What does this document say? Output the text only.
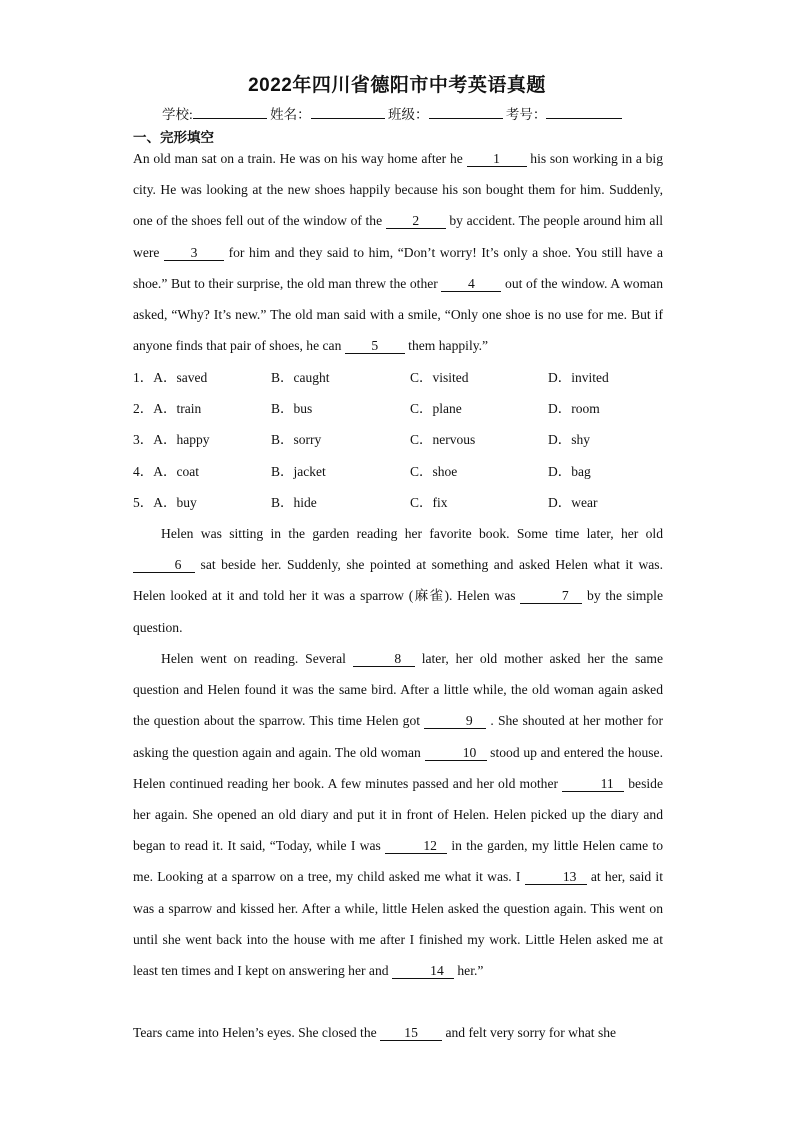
2022年四川省德阳市中考英语真题
学校:	姓名：	班级：	考号：
一、完形填空
An old man sat on a train. He was on his way home after he 1 his son working in a big city. He was looking at the new shoes happily because his son bought them for him. Suddenly, one of the shoes fell out of the window of the 2 by accident. The people around him all were 3 for him and they said to him, “Don’t worry! It’s only a shoe. You still have a shoe.” But to their surprise, the old man threw the other 4 out of the window. A woman asked, “Why? It’s new.” The old man said with a smile, “Only one shoe is no use for me. But if anyone finds that pair of shoes, he can 5 them happily.”
1．A．saved	B．caught	C．visited	D．invited
2．A．train	B．bus	C．plane	D．room
3．A．happy	B．sorry	C．nervous	D．shy
4．A．coat	B．jacket	C．shoe	D．bag
5．A．buy	B．hide	C．fix	D．wear
Helen was sitting in the garden reading her favorite book. Some time later, her old 6 sat beside her. Suddenly, she pointed at something and asked Helen what it was. Helen looked at it and told her it was a sparrow (麻雀). Helen was	7 by the simple question.
Helen went on reading. Several	8 later, her old mother asked her the same question and Helen found it was the same bird. After a little while, the old woman again asked the question about the sparrow. This time Helen got	9 . She shouted at her mother for asking the question again and again. The old woman	10 stood up and entered the house. Helen continued reading her book. A few minutes passed and her old mother	11 beside her again. She opened an old diary and put it in front of Helen. Helen picked up the diary and began to read it. It said, “Today, while I was	12 in the garden, my little Helen came to me. Looking at a sparrow on a tree, my child asked me what it was. I	13 at her, said it was a sparrow and kissed her. After a while, little Helen asked the question again. This went on until she went back into the house with me after I finished my work. Little Helen asked me at least ten times and I kept on answering her and	14 her.”
Tears came into Helen’s eyes. She closed the 15 and felt very sorry for what she
